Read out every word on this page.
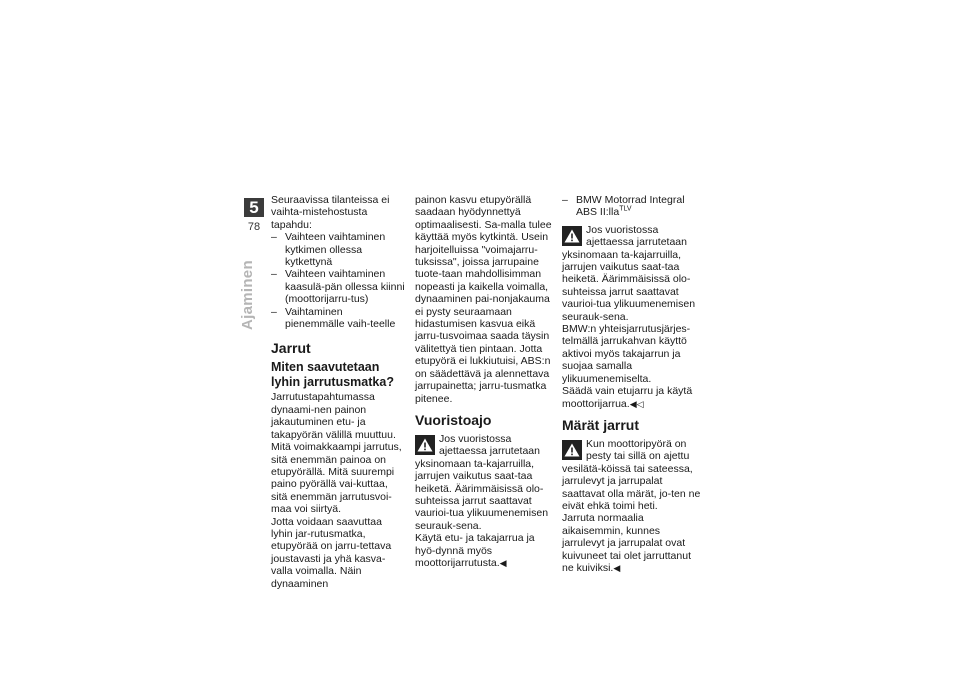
5
78
Ajaminen

Seuraavissa tilanteissa ei vaihta-mistehostusta tapahdu:

– Vaihteen vaihtaminen kytkimen ollessa kytkettynä
– Vaihteen vaihtaminen kaasulä-pän ollessa kiinni (moottorijarru-tus)
– Vaihtaminen pienemmälle vaih-teelle
Jarrut
Miten saavutetaan lyhin jarrutusmatka?

Jarrutustapahtumassa dynaami-nen painon jakautuminen etu- ja takapyörän välillä muuttuu. Mitä voimakkaampi jarrutus, sitä enemmän painoa on etupyörällä. Mitä suurempi paino pyörällä vai-kuttaa, sitä enemmän jarrutusvoi-maa voi siirtyä.

Jotta voidaan saavuttaa lyhin jar-rutusmatka, etupyörää on jarru-tettava joustavasti ja yhä kasva-valla voimalla. Näin dynaaminen

painon kasvu etupyörällä saadaan hyödynnettyä optimaalisesti. Sa-malla tulee käyttää myös kytkintä. Usein harjoitelluissa "voimajarru-tuksissa", joissa jarrupaine tuote-taan mahdollisimman nopeasti ja kaikella voimalla, dynaaminen pai-nonjakauma ei pysty seuraamaan hidastumisen kasvua eikä jarru-tusvoimaa saada täysin välitettyä tien pintaan. Jotta etupyörä ei lukkiutuisi, ABS:n on säädettävä ja alennettava jarrupainetta; jarru-tusmatka pitenee.

Vuoristoajo

Jos vuoristossa ajettaessa jarrutetaan yksinomaan ta-kajarruilla, jarrujen vaikutus saat-taa heiketä. Äärimmäisissä olo-suhteissa jarrut saattavat vaurioi-tua ylikuumenemisen seurauk-sena.

Käytä etu- ja takajarrua ja hyö-dynnä myös moottorijarrutusta.◀

– BMW Motorrad Integral ABS II:lla$^{TLV}$

Jos vuoristossa ajettaessa jarrutetaan yksinomaan ta-kajarruilla, jarrujen vaikutus saat-taa heiketä. Äärimmäisissä olo-suhteissa jarrut saattavat vaurioi-tua ylikuumenemisen seurauk-sena.

BMW:n yhteisjarrutusjärjes-telmällä jarrukahvan käyttö aktivoi myös takajarrun ja suojaa samalla ylikuumenemiselta.

Säädä vain etujarru ja käytä moottorijarrua.◀◁

Märät jarrut

Kun moottoripyörä on pesty tai sillä on ajettu vesilätä-köissä tai sateessa, jarrulevyt ja jarrupalat saattavat olla märät, jo-ten ne eivät ehkä toimi heti.

Jarruta normaalia aikaisemmin, kunnes jarrulevyt ja jarrupalat ovat kuivuneet tai olet jarruttanut ne kuiviksi.◀
